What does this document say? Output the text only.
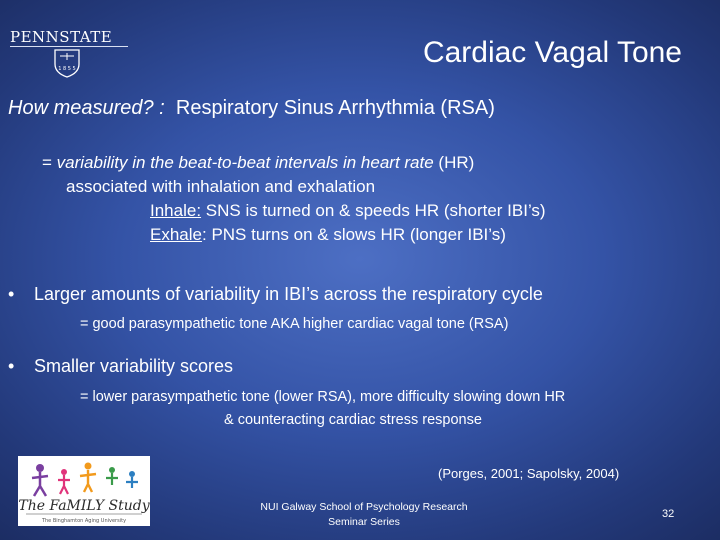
PENNSTATE
1 8 5 5	Cardiac Vagal Tone
How measured? : Respiratory Sinus Arrhythmia (RSA)
= variability in the beat-to-beat intervals in heart rate (HR)
associated with inhalation and exhalation
Inhale: SNS is turned on & speeds HR (shorter IBI’s)
Exhale: PNS turns on & slows HR (longer IBI’s)
• Larger amounts of variability in IBI’s across the respiratory cycle
= good parasympathetic tone AKA higher cardiac vagal tone (RSA)
• Smaller variability scores
= lower parasympathetic tone (lower RSA), more difficulty slowing down HR
& counteracting cardiac stress response
The FaMILY Study
The Binghamton Aging University
(Porges, 2001; Sapolsky, 2004)
NUI Galway School of Psychology Research
Seminar Series
32
